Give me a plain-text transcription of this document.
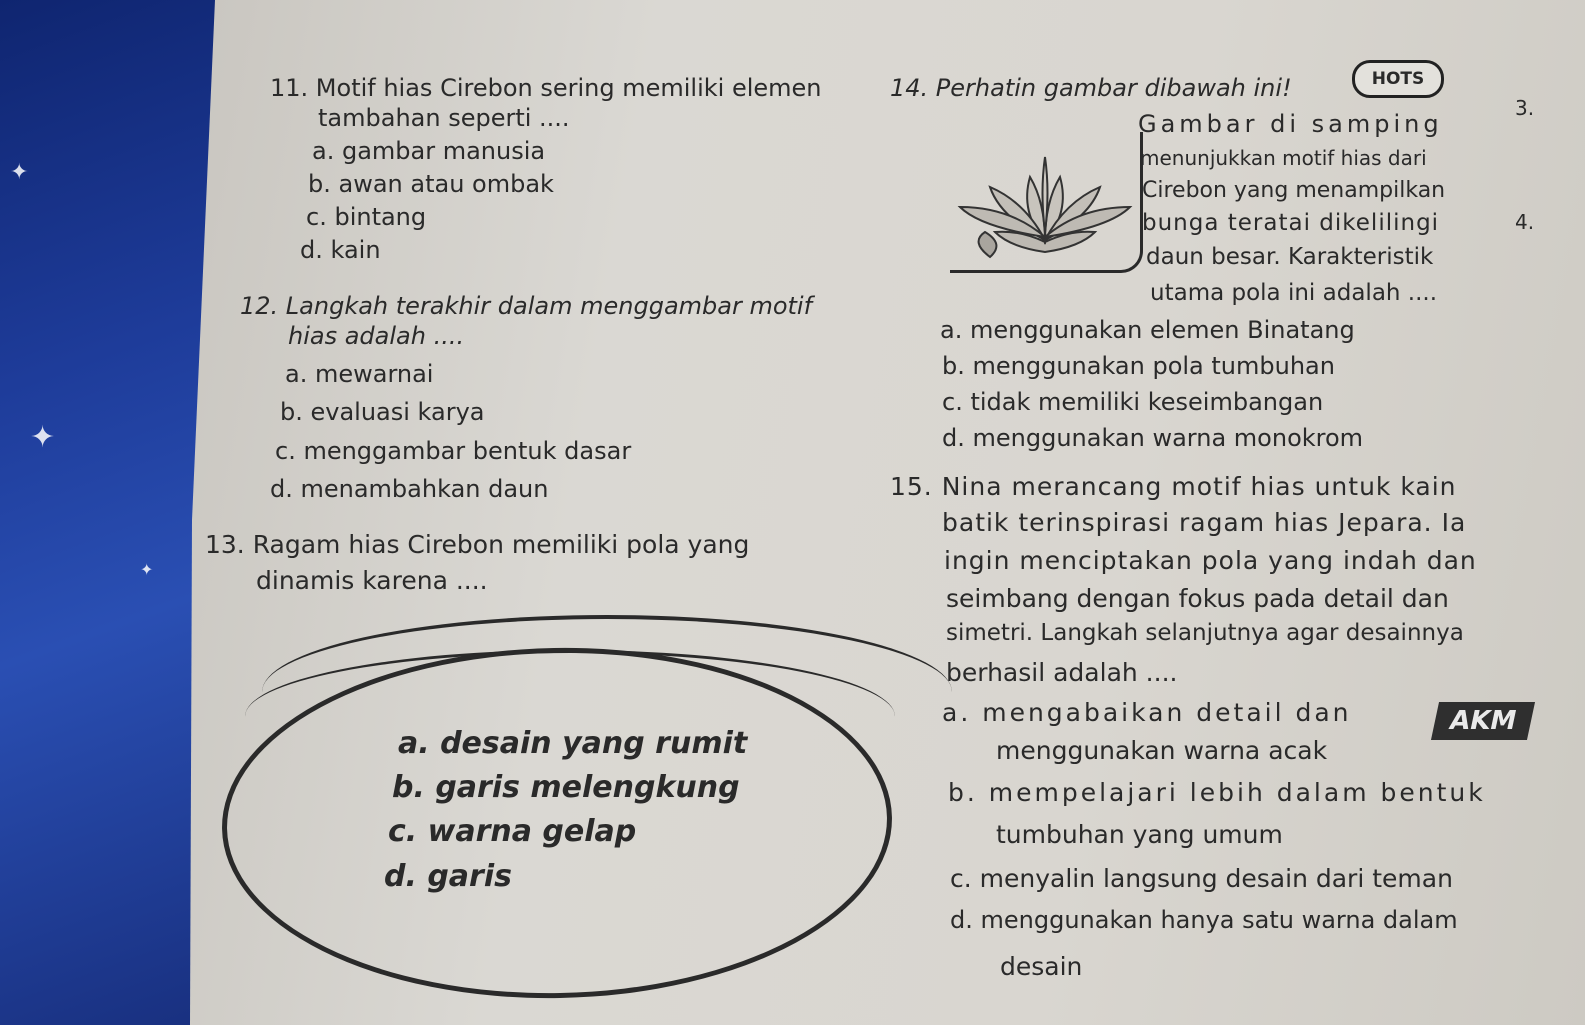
✦
✦
✦
11. Motif hias Cirebon sering memiliki elemen
tambahan seperti ....
a. gambar manusia
b. awan atau ombak
c. bintang
d. kain
12. Langkah terakhir dalam menggambar motif
hias adalah ....
a. mewarnai
b. evaluasi karya
c. menggambar bentuk dasar
d. menambahkan daun
13. Ragam hias Cirebon memiliki pola yang
dinamis karena ....
a. desain yang rumit
b. garis melengkung
c. warna gelap
d. garis
14. Perhatin gambar dibawah ini!	HOTS
3.
4.
Gambar di samping
menunjukkan motif hias dari
Cirebon yang menampilkan
bunga teratai dikelilingi
daun besar. Karakteristik
utama pola ini adalah ....
a. menggunakan elemen Binatang
b. menggunakan pola tumbuhan
c. tidak memiliki keseimbangan
d. menggunakan warna monokrom
15. Nina merancang motif hias untuk kain
batik terinspirasi ragam hias Jepara. Ia
ingin menciptakan pola yang indah dan
seimbang dengan fokus pada detail dan
simetri. Langkah selanjutnya agar desainnya
berhasil adalah ....
AKM
a. mengabaikan detail dan
menggunakan warna acak
b. mempelajari lebih dalam bentuk
tumbuhan yang umum
c. menyalin langsung desain dari teman
d. menggunakan hanya satu warna dalam
desain
